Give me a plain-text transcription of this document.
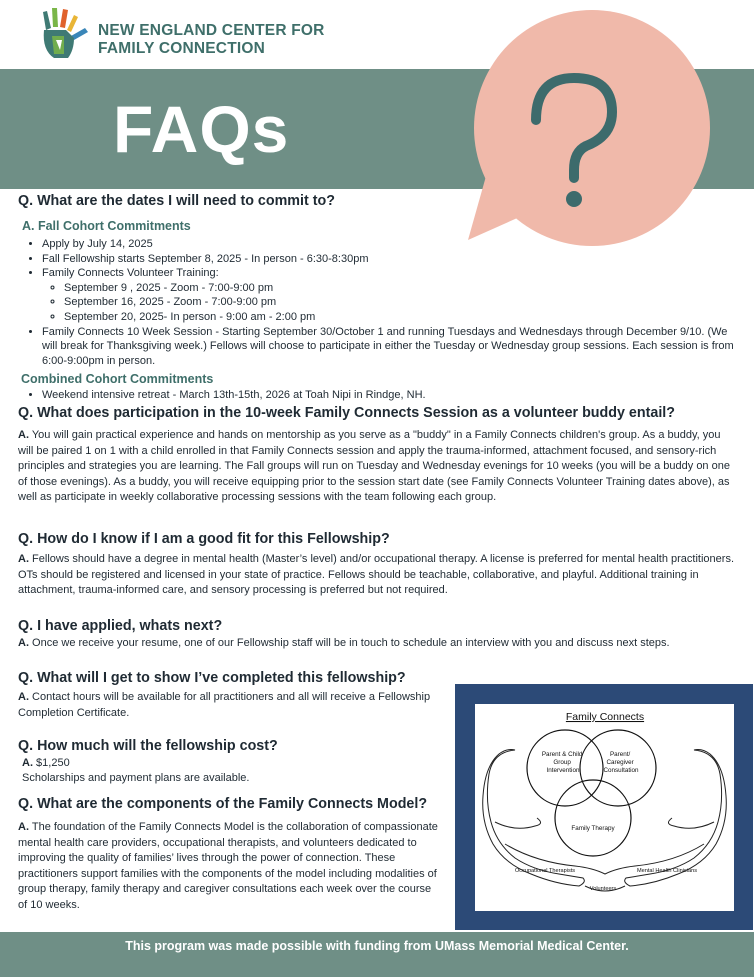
NEW ENGLAND CENTER FOR
FAMILY CONNECTION
FAQs
Q. What are the dates I will need to commit to?
A. Fall Cohort Commitments
• Apply by July 14, 2025
• Fall Fellowship starts September 8, 2025 - In person - 6:30-8:30pm
• Family Connects Volunteer Training:
◦ September 9 , 2025 - Zoom - 7:00-9:00 pm
◦ September 16, 2025 - Zoom - 7:00-9:00 pm
◦ September 20, 2025- In person - 9:00 am - 2:00 pm
• Family Connects 10 Week Session - Starting September 30/October 1 and running Tuesdays and Wednesdays through December 9/10. (We will break for Thanksgiving week.) Fellows will choose to participate in either the Tuesday or Wednesday group sessions. Each session is from 6:00-9:00pm in person.
Combined Cohort Commitments
• Weekend intensive retreat - March 13th-15th, 2026 at Toah Nipi in Rindge, NH.
Q. What does participation in the 10-week Family Connects Session as a volunteer buddy entail?

A. You will gain practical experience and hands on mentorship as you serve as a "buddy" in a Family Connects children's group. As a buddy, you will be paired 1 on 1 with a child enrolled in that Family Connects session and apply the trauma-informed, attachment focused, and sensory-rich principles and strategies you are learning. The Fall groups will run on Tuesday and Wednesday evenings for 10 weeks (you will be a buddy on one of those evenings). As a buddy, you will receive equipping prior to the session start date (see Family Connects Volunteer Training dates above), as well as participate in weekly collaborative processing sessions with the team following each group.

Q. How do I know if I am a good fit for this Fellowship?

A. Fellows should have a degree in mental health (Master’s level) and/or occupational therapy. A license is preferred for mental health practitioners. OTs should be registered and licensed in your state of practice. Fellows should be teachable, collaborative, and playful. Additional training in attachment, trauma-informed care, and sensory processing is preferred but not required.

Q. I have applied, whats next?

A. Once we receive your resume, one of our Fellowship staff will be in touch to schedule an interview with you and discuss next steps.

Q. What will I get to show I’ve completed this fellowship?

A. Contact hours will be available for all practitioners and all will receive a Fellowship Completion Certificate.

Q. How much will the fellowship cost?

A. $1,250

Scholarships and payment plans are available.

Q. What are the components of the Family Connects Model?

A. The foundation of the Family Connects Model is the collaboration of compassionate mental health care providers, occupational therapists, and volunteers dedicated to improving the quality of families’ lives through the power of connection. These practitioners support families with the components of the model including modalities of group therapy, family therapy and caregiver consultations each week over the course of 10 weeks.

Family Connects
Parent & Child Group Intervention
Parent/ Caregiver Consultation
Family Therapy
Occupational Therapists	Mental Health Clinicians
Volunteers
This program was made possible with funding from UMass Memorial Medical Center.
